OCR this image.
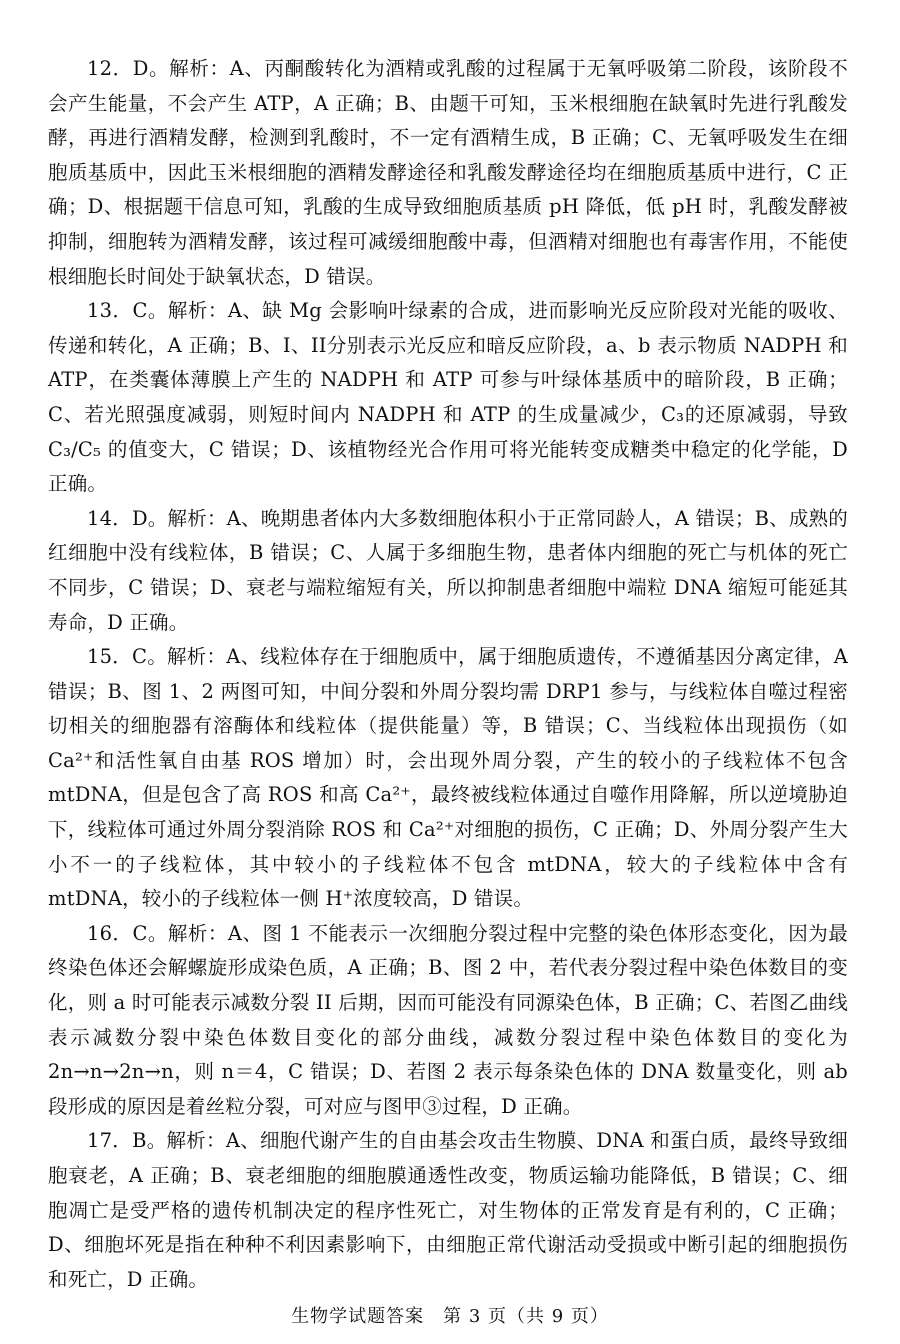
12．D。解析：A、丙酮酸转化为酒精或乳酸的过程属于无氧呼吸第二阶段，该阶段不会产生能量，不会产生 ATP，A 正确；B、由题干可知，玉米根细胞在缺氧时先进行乳酸发酵，再进行酒精发酵，检测到乳酸时，不一定有酒精生成，B 正确；C、无氧呼吸发生在细胞质基质中，因此玉米根细胞的酒精发酵途径和乳酸发酵途径均在细胞质基质中进行，C 正确；D、根据题干信息可知，乳酸的生成导致细胞质基质 pH 降低，低 pH 时，乳酸发酵被抑制，细胞转为酒精发酵，该过程可减缓细胞酸中毒，但酒精对细胞也有毒害作用，不能使根细胞长时间处于缺氧状态，D 错误。

13．C。解析：A、缺 Mg 会影响叶绿素的合成，进而影响光反应阶段对光能的吸收、传递和转化，A 正确；B、I、II分别表示光反应和暗反应阶段，a、b 表示物质 NADPH 和 ATP，在类囊体薄膜上产生的 NADPH 和 ATP 可参与叶绿体基质中的暗阶段，B 正确；C、若光照强度减弱，则短时间内 NADPH 和 ATP 的生成量减少，C₃的还原减弱，导致 C₃/C₅ 的值变大，C 错误；D、该植物经光合作用可将光能转变成糖类中稳定的化学能，D 正确。

14．D。解析：A、晚期患者体内大多数细胞体积小于正常同龄人，A 错误；B、成熟的红细胞中没有线粒体，B 错误；C、人属于多细胞生物，患者体内细胞的死亡与机体的死亡不同步，C 错误；D、衰老与端粒缩短有关，所以抑制患者细胞中端粒 DNA 缩短可能延其寿命，D 正确。

15．C。解析：A、线粒体存在于细胞质中，属于细胞质遗传，不遵循基因分离定律，A 错误；B、图 1、2 两图可知，中间分裂和外周分裂均需 DRP1 参与，与线粒体自噬过程密切相关的细胞器有溶酶体和线粒体（提供能量）等，B 错误；C、当线粒体出现损伤（如 Ca²⁺和活性氧自由基 ROS 增加）时，会出现外周分裂，产生的较小的子线粒体不包含 mtDNA，但是包含了高 ROS 和高 Ca²⁺，最终被线粒体通过自噬作用降解，所以逆境胁迫下，线粒体可通过外周分裂消除 ROS 和 Ca²⁺对细胞的损伤，C 正确；D、外周分裂产生大小不一的子线粒体，其中较小的子线粒体不包含 mtDNA，较大的子线粒体中含有 mtDNA，较小的子线粒体一侧 H⁺浓度较高，D 错误。

16．C。解析：A、图 1 不能表示一次细胞分裂过程中完整的染色体形态变化，因为最终染色体还会解螺旋形成染色质，A 正确；B、图 2 中，若代表分裂过程中染色体数目的变化，则 a 时可能表示减数分裂 II 后期，因而可能没有同源染色体，B 正确；C、若图乙曲线表示减数分裂中染色体数目变化的部分曲线，减数分裂过程中染色体数目的变化为 2n→n→2n→n，则 n＝4，C 错误；D、若图 2 表示每条染色体的 DNA 数量变化，则 ab 段形成的原因是着丝粒分裂，可对应与图甲③过程，D 正确。

17．B。解析：A、细胞代谢产生的自由基会攻击生物膜、DNA 和蛋白质，最终导致细胞衰老，A 正确；B、衰老细胞的细胞膜通透性改变，物质运输功能降低，B 错误；C、细胞凋亡是受严格的遗传机制决定的程序性死亡，对生物体的正常发育是有利的，C 正确；D、细胞坏死是指在种种不利因素影响下，由细胞正常代谢活动受损或中断引起的细胞损伤和死亡，D 正确。

生物学试题答案　第 3 页（共 9 页）
